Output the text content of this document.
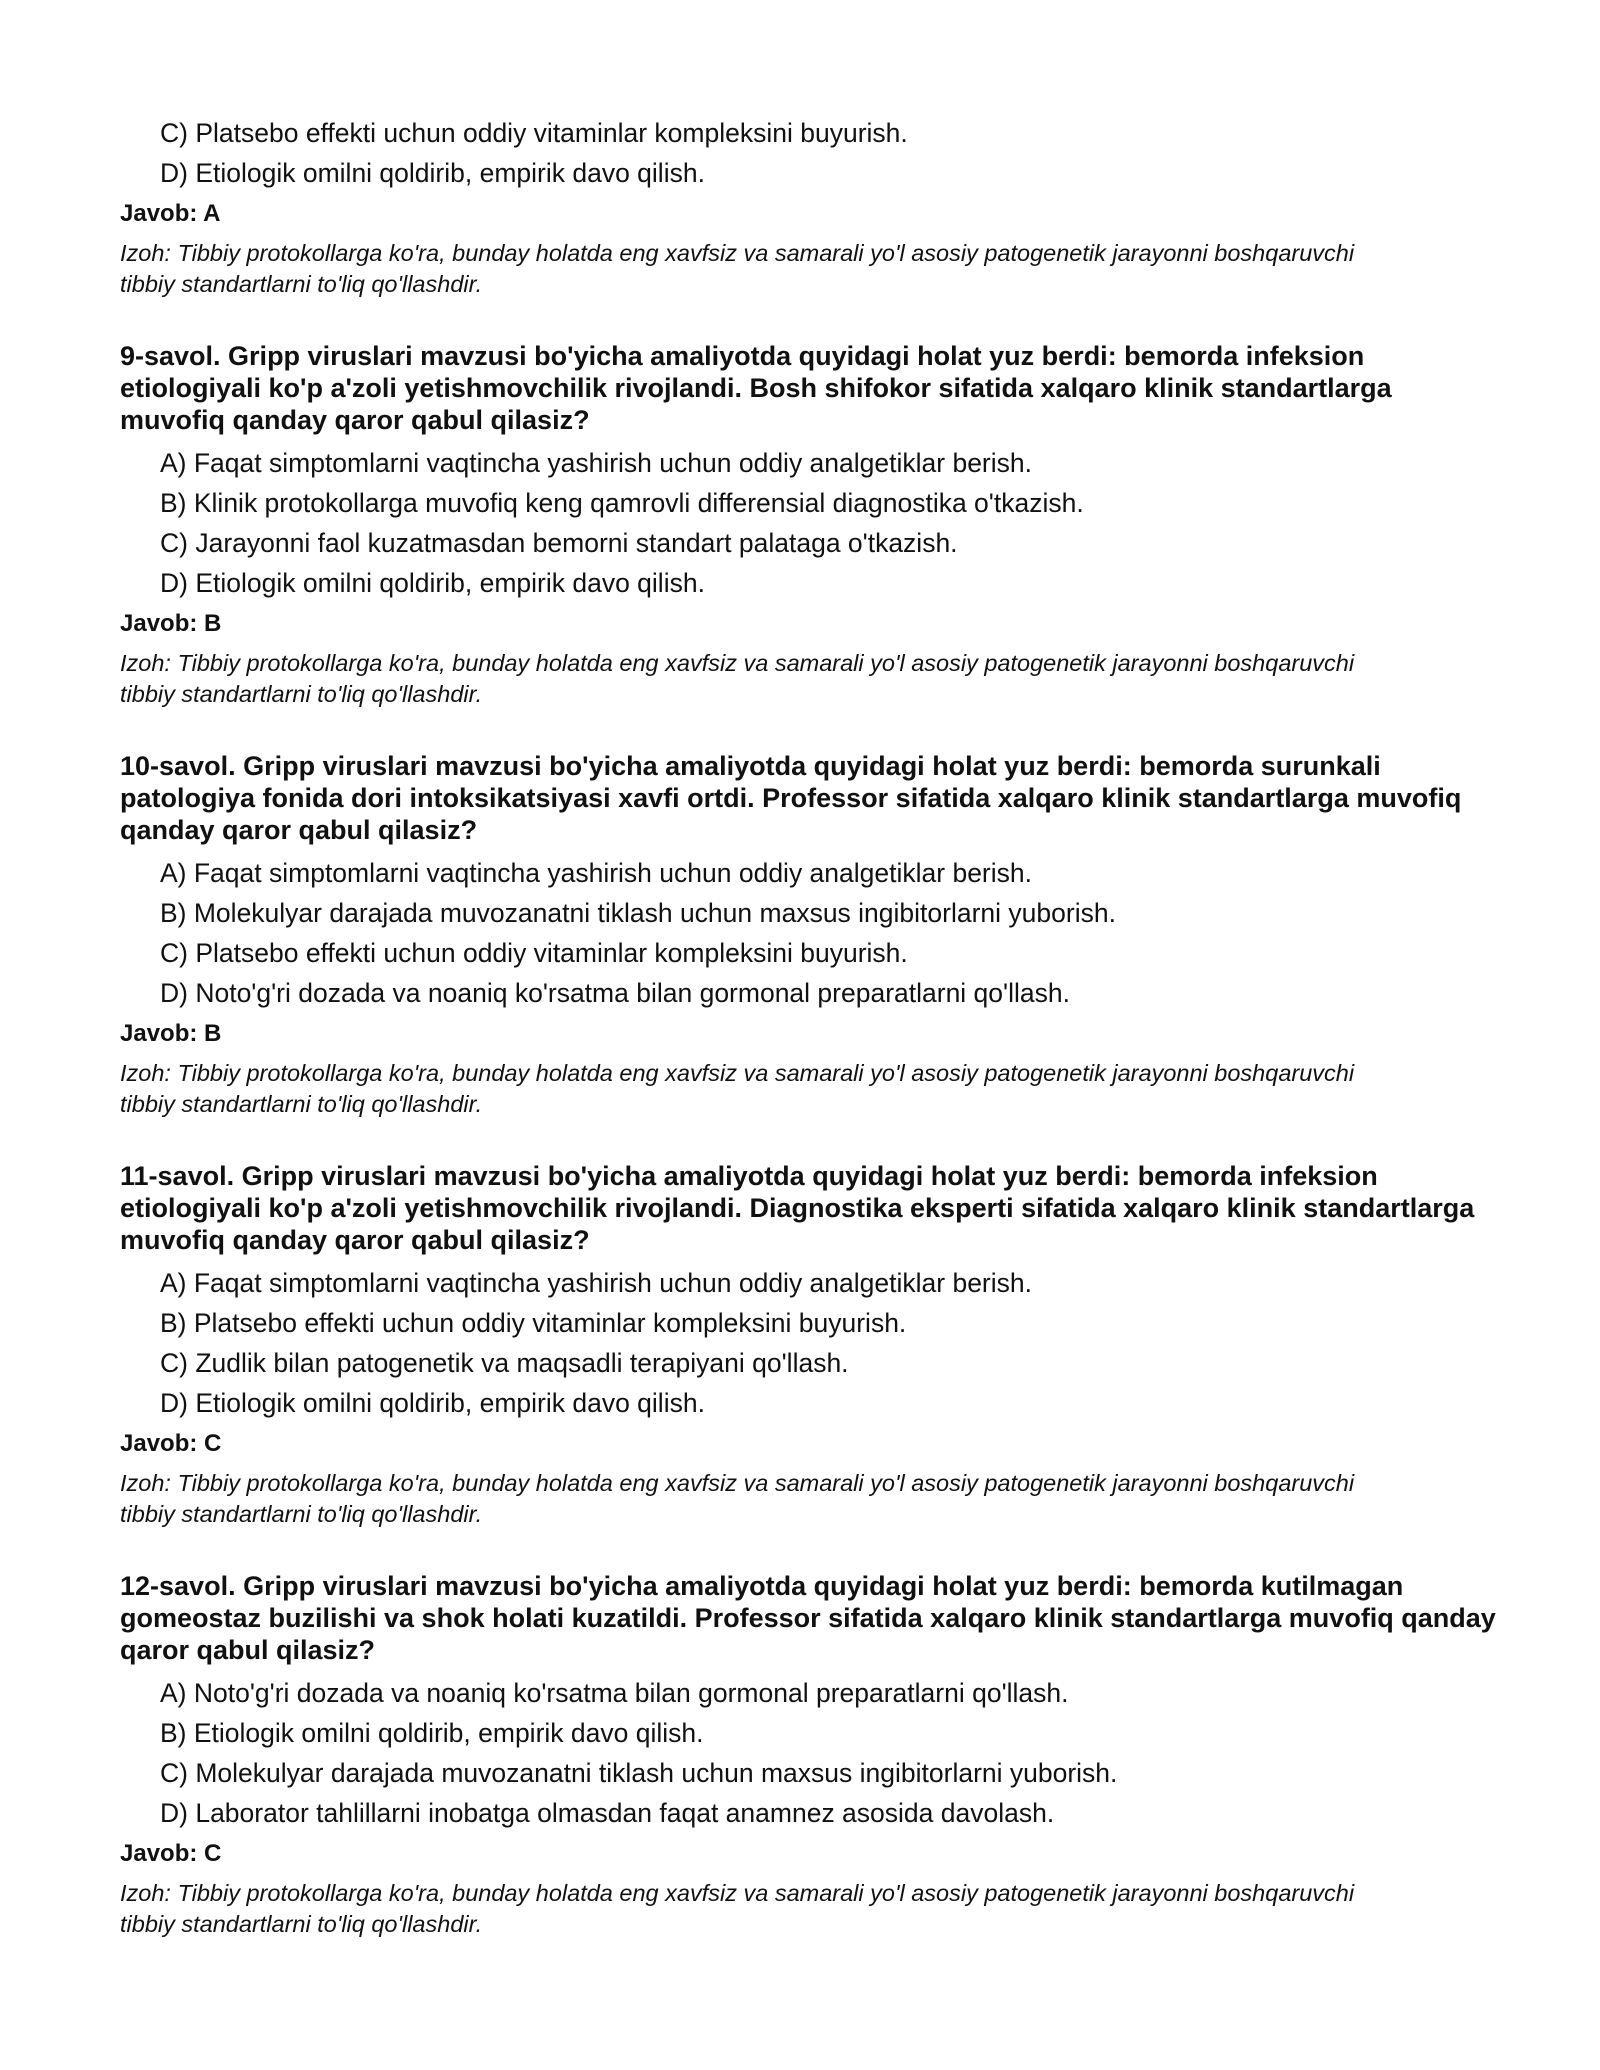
C) Platsebo effekti uchun oddiy vitaminlar kompleksini buyurish.
D) Etiologik omilni qoldirib, empirik davo qilish.
Javob: A
Izoh: Tibbiy protokollarga ko'ra, bunday holatda eng xavfsiz va samarali yo'l asosiy patogenetik jarayonni boshqaruvchi tibbiy standartlarni to'liq qo'llashdir.
9-savol. Gripp viruslari mavzusi bo'yicha amaliyotda quyidagi holat yuz berdi: bemorda infeksion etiologiyali ko'p a'zoli yetishmovchilik rivojlandi. Bosh shifokor sifatida xalqaro klinik standartlarga muvofiq qanday qaror qabul qilasiz?
A) Faqat simptomlarni vaqtincha yashirish uchun oddiy analgetiklar berish.
B) Klinik protokollarga muvofiq keng qamrovli differensial diagnostika o'tkazish.
C) Jarayonni faol kuzatmasdan bemorni standart palataga o'tkazish.
D) Etiologik omilni qoldirib, empirik davo qilish.
Javob: B
Izoh: Tibbiy protokollarga ko'ra, bunday holatda eng xavfsiz va samarali yo'l asosiy patogenetik jarayonni boshqaruvchi tibbiy standartlarni to'liq qo'llashdir.
10-savol. Gripp viruslari mavzusi bo'yicha amaliyotda quyidagi holat yuz berdi: bemorda surunkali patologiya fonida dori intoksikatsiyasi xavfi ortdi. Professor sifatida xalqaro klinik standartlarga muvofiq qanday qaror qabul qilasiz?
A) Faqat simptomlarni vaqtincha yashirish uchun oddiy analgetiklar berish.
B) Molekulyar darajada muvozanatni tiklash uchun maxsus ingibitorlarni yuborish.
C) Platsebo effekti uchun oddiy vitaminlar kompleksini buyurish.
D) Noto'g'ri dozada va noaniq ko'rsatma bilan gormonal preparatlarni qo'llash.
Javob: B
Izoh: Tibbiy protokollarga ko'ra, bunday holatda eng xavfsiz va samarali yo'l asosiy patogenetik jarayonni boshqaruvchi tibbiy standartlarni to'liq qo'llashdir.
11-savol. Gripp viruslari mavzusi bo'yicha amaliyotda quyidagi holat yuz berdi: bemorda infeksion etiologiyali ko'p a'zoli yetishmovchilik rivojlandi. Diagnostika eksperti sifatida xalqaro klinik standartlarga muvofiq qanday qaror qabul qilasiz?
A) Faqat simptomlarni vaqtincha yashirish uchun oddiy analgetiklar berish.
B) Platsebo effekti uchun oddiy vitaminlar kompleksini buyurish.
C) Zudlik bilan patogenetik va maqsadli terapiyani qo'llash.
D) Etiologik omilni qoldirib, empirik davo qilish.
Javob: C
Izoh: Tibbiy protokollarga ko'ra, bunday holatda eng xavfsiz va samarali yo'l asosiy patogenetik jarayonni boshqaruvchi tibbiy standartlarni to'liq qo'llashdir.
12-savol. Gripp viruslari mavzusi bo'yicha amaliyotda quyidagi holat yuz berdi: bemorda kutilmagan gomeostaz buzilishi va shok holati kuzatildi. Professor sifatida xalqaro klinik standartlarga muvofiq qanday qaror qabul qilasiz?
A) Noto'g'ri dozada va noaniq ko'rsatma bilan gormonal preparatlarni qo'llash.
B) Etiologik omilni qoldirib, empirik davo qilish.
C) Molekulyar darajada muvozanatni tiklash uchun maxsus ingibitorlarni yuborish.
D) Laborator tahlillarni inobatga olmasdan faqat anamnez asosida davolash.
Javob: C
Izoh: Tibbiy protokollarga ko'ra, bunday holatda eng xavfsiz va samarali yo'l asosiy patogenetik jarayonni boshqaruvchi tibbiy standartlarni to'liq qo'llashdir.
